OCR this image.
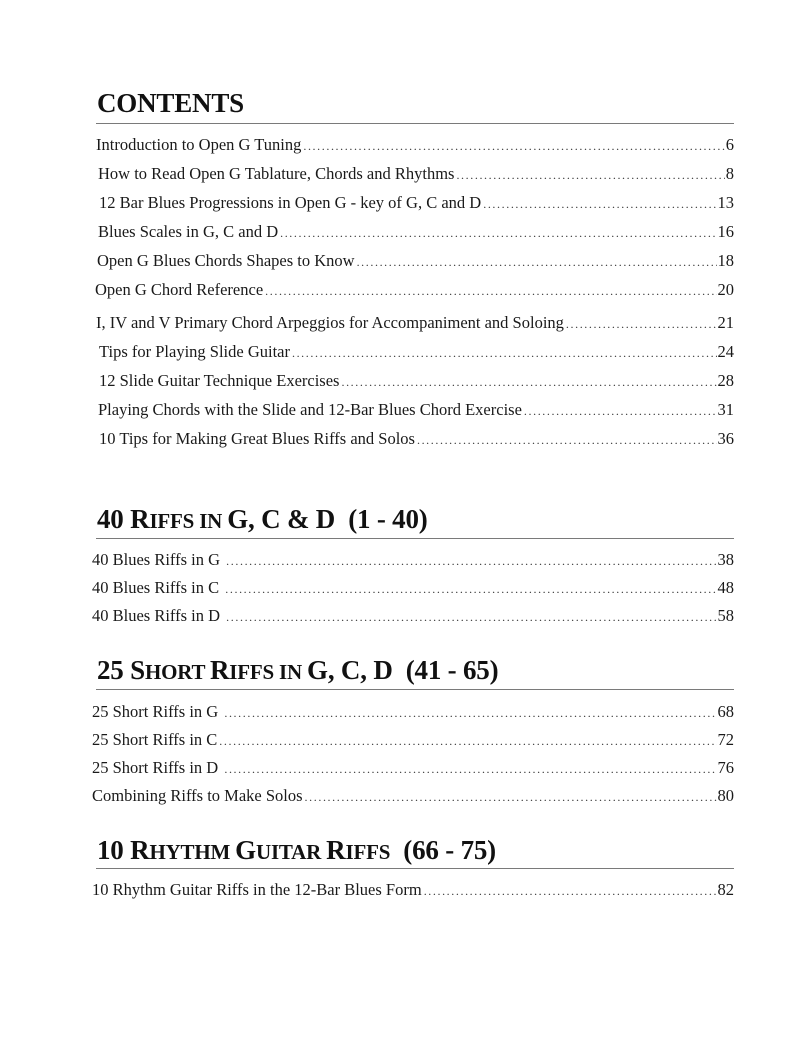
CONTENTS
Introduction to Open G Tuning .....	6
How to Read Open G Tablature, Chords and Rhythms .....	8
12 Bar Blues Progressions in Open G - key of G, C and D .....	13
Blues Scales in G, C and D .....	16
Open G Blues Chords Shapes to Know .....	18
Open G Chord Reference .....	20
I, IV and V Primary Chord Arpeggios for Accompaniment and Soloing .....	21
Tips for Playing Slide Guitar .....	24
12 Slide Guitar Technique Exercises .....	28
Playing Chords with the Slide and 12-Bar Blues Chord Exercise .....	31
10 Tips for Making Great Blues Riffs and Solos .....	36
40 RIFFS IN G, C & D  (1 - 40)
40 Blues Riffs in G .....	38
40 Blues Riffs in C .....	48
40 Blues Riffs in D .....	58
25 SHORT RIFFS IN G, C, D  (41 - 65)
25 Short Riffs in G .....	68
25 Short Riffs in C .....	72
25 Short Riffs in D .....	76
Combining Riffs to Make Solos .....	80
10 RHYTHM GUITAR RIFFS  (66 - 75)
10 Rhythm Guitar Riffs in the 12-Bar Blues Form .....	82
